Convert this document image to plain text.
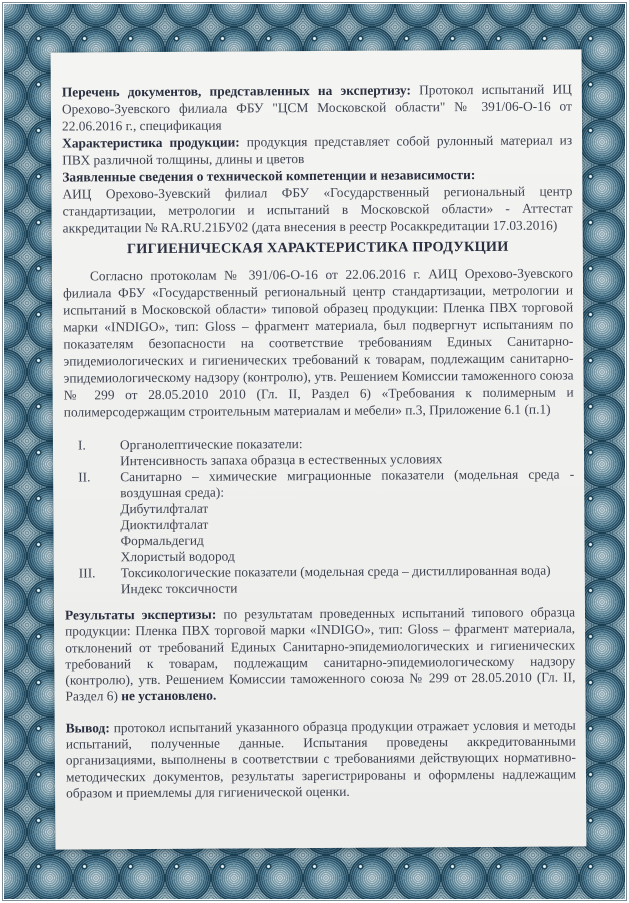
Перечень документов, представленных на экспертизу: Протокол испытаний ИЦ Орехово-Зуевского филиала ФБУ "ЦСМ Московской области" № 391/06-О-16 от 22.06.2016 г., спецификация

Характеристика продукции: продукция представляет собой рулонный материал из ПВХ различной толщины, длины и цветов

Заявленные сведения о технической компетенции и независимости:

АИЦ Орехово-Зуевский филиал ФБУ «Государственный региональный центр стандартизации, метрологии и испытаний в Московской области» - Аттестат аккредитации № RA.RU.21БУ02 (дата внесения в реестр Росаккредитации 17.03.2016)

ГИГИЕНИЧЕСКАЯ ХАРАКТЕРИСТИКА ПРОДУКЦИИ

Согласно протоколам № 391/06-О-16 от 22.06.2016 г. АИЦ Орехово-Зуевского филиала ФБУ «Государственный региональный центр стандартизации, метрологии и испытаний в Московской области» типовой образец продукции: Пленка ПВХ торговой марки «INDIGO», тип: Gloss – фрагмент материала, был подвергнут испытаниям по показателям безопасности на соответствие требованиям Единых Санитарно-эпидемиологических и гигиенических требований к товарам, подлежащим санитарно-эпидемиологическому надзору (контролю), утв. Решением Комиссии таможенного союза № 299 от 28.05.2010 2010 (Гл. II, Раздел 6) «Требования к полимерным и полимерсодержащим строительным материалам и мебели» п.3, Приложение 6.1 (п.1)

I.	Органолептические показатели:
Интенсивность запаха образца в естественных условиях
II.	Санитарно – химические миграционные показатели (модельная среда - воздушная среда):
Дибутилфталат
Диоктилфталат
Формальдегид
Хлористый водород
III.	Токсикологические показатели (модельная среда – дистиллированная вода)
Индекс токсичности

Результаты экспертизы: по результатам проведенных испытаний типового образца продукции: Пленка ПВХ торговой марки «INDIGO», тип: Gloss – фрагмент материала, отклонений от требований Единых Санитарно-эпидемиологических и гигиенических требований к товарам, подлежащим санитарно-эпидемиологическому надзору (контролю), утв. Решением Комиссии таможенного союза № 299 от 28.05.2010 (Гл. II, Раздел 6) не установлено.

Вывод: протокол испытаний указанного образца продукции отражает условия и методы испытаний, полученные данные. Испытания проведены аккредитованными организациями, выполнены в соответствии с требованиями действующих нормативно-методических документов, результаты зарегистрированы и оформлены надлежащим образом и приемлемы для гигиенической оценки.
